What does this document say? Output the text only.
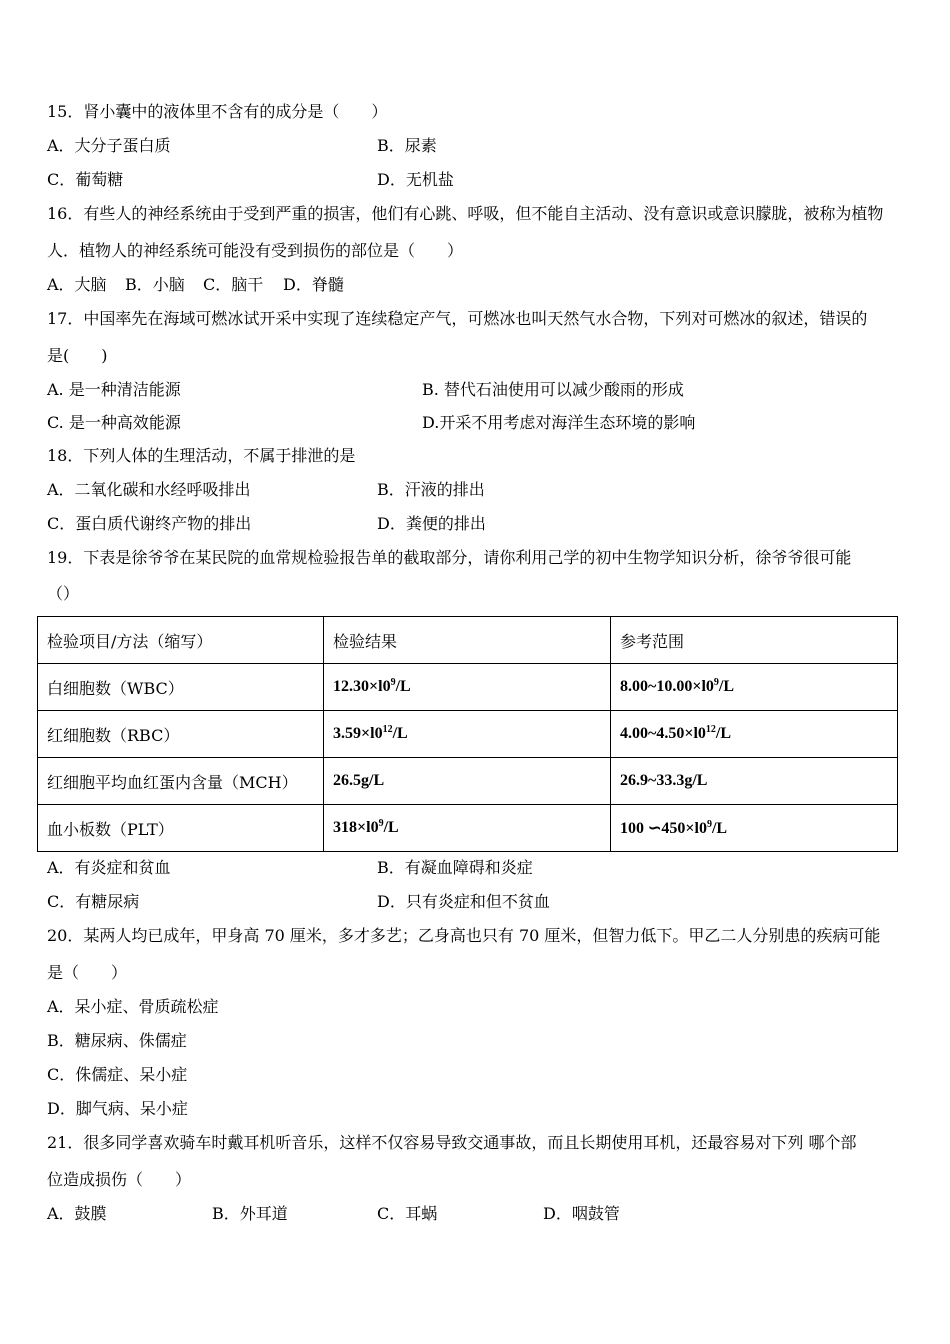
15．肾小囊中的液体里不含有的成分是（　　）
A．大分子蛋白质	B．尿素
C．葡萄糖	D．无机盐
16．有些人的神经系统由于受到严重的损害，他们有心跳、呼吸，但不能自主活动、没有意识或意识朦胧，被称为植物
人．植物人的神经系统可能没有受到损伤的部位是（　　）
A．大脑 B．小脑 C．脑干 D．脊髓
17．中国率先在海域可燃冰试开采中实现了连续稳定产气，可燃冰也叫天然气水合物，下列对可燃冰的叙述，错误的
是(　　)
A. 是一种清洁能源	B. 替代石油使用可以减少酸雨的形成
C. 是一种高效能源	D.开采不用考虑对海洋生态环境的影响
18．下列人体的生理活动，不属于排泄的是
A．二氧化碳和水经呼吸排出	B．汗液的排出
C．蛋白质代谢终产物的排出	D．粪便的排出
19．下表是徐爷爷在某民院的血常规检验报告单的截取部分，请你利用己学的初中生物学知识分析，徐爷爷很可能
（）
检验项目/方法（缩写）	检验结果	参考范围
白细胞数（WBC）	$12.30\times l0^9/L$	$8.00\sim 10.00\times l0^9/L$
红细胞数（RBC）	$3.59\times l0^{12}/L$	$4.00\sim 4.50\times l0^{12}/L$
红细胞平均血红蛋内含量（MCH）	26.5g/L	26.9~33.3g/L
血小板数（PLT）	$318\times l0^9/L$	100 $∽450\times l0^9/L$
A．有炎症和贫血	B．有凝血障碍和炎症
C．有糖尿病	D．只有炎症和但不贫血
20．某两人均已成年，甲身高 70 厘米，多才多艺；乙身高也只有 70 厘米，但智力低下。甲乙二人分别患的疾病可能
是（　　）
A．呆小症、骨质疏松症
B．糖尿病、侏儒症
C．侏儒症、呆小症
D．脚气病、呆小症
21．很多同学喜欢骑车时戴耳机听音乐，这样不仅容易导致交通事故，而且长期使用耳机，还最容易对下列 哪个部
位造成损伤（　　）
A．鼓膜	B．外耳道	C．耳蜗	D．咽鼓管
